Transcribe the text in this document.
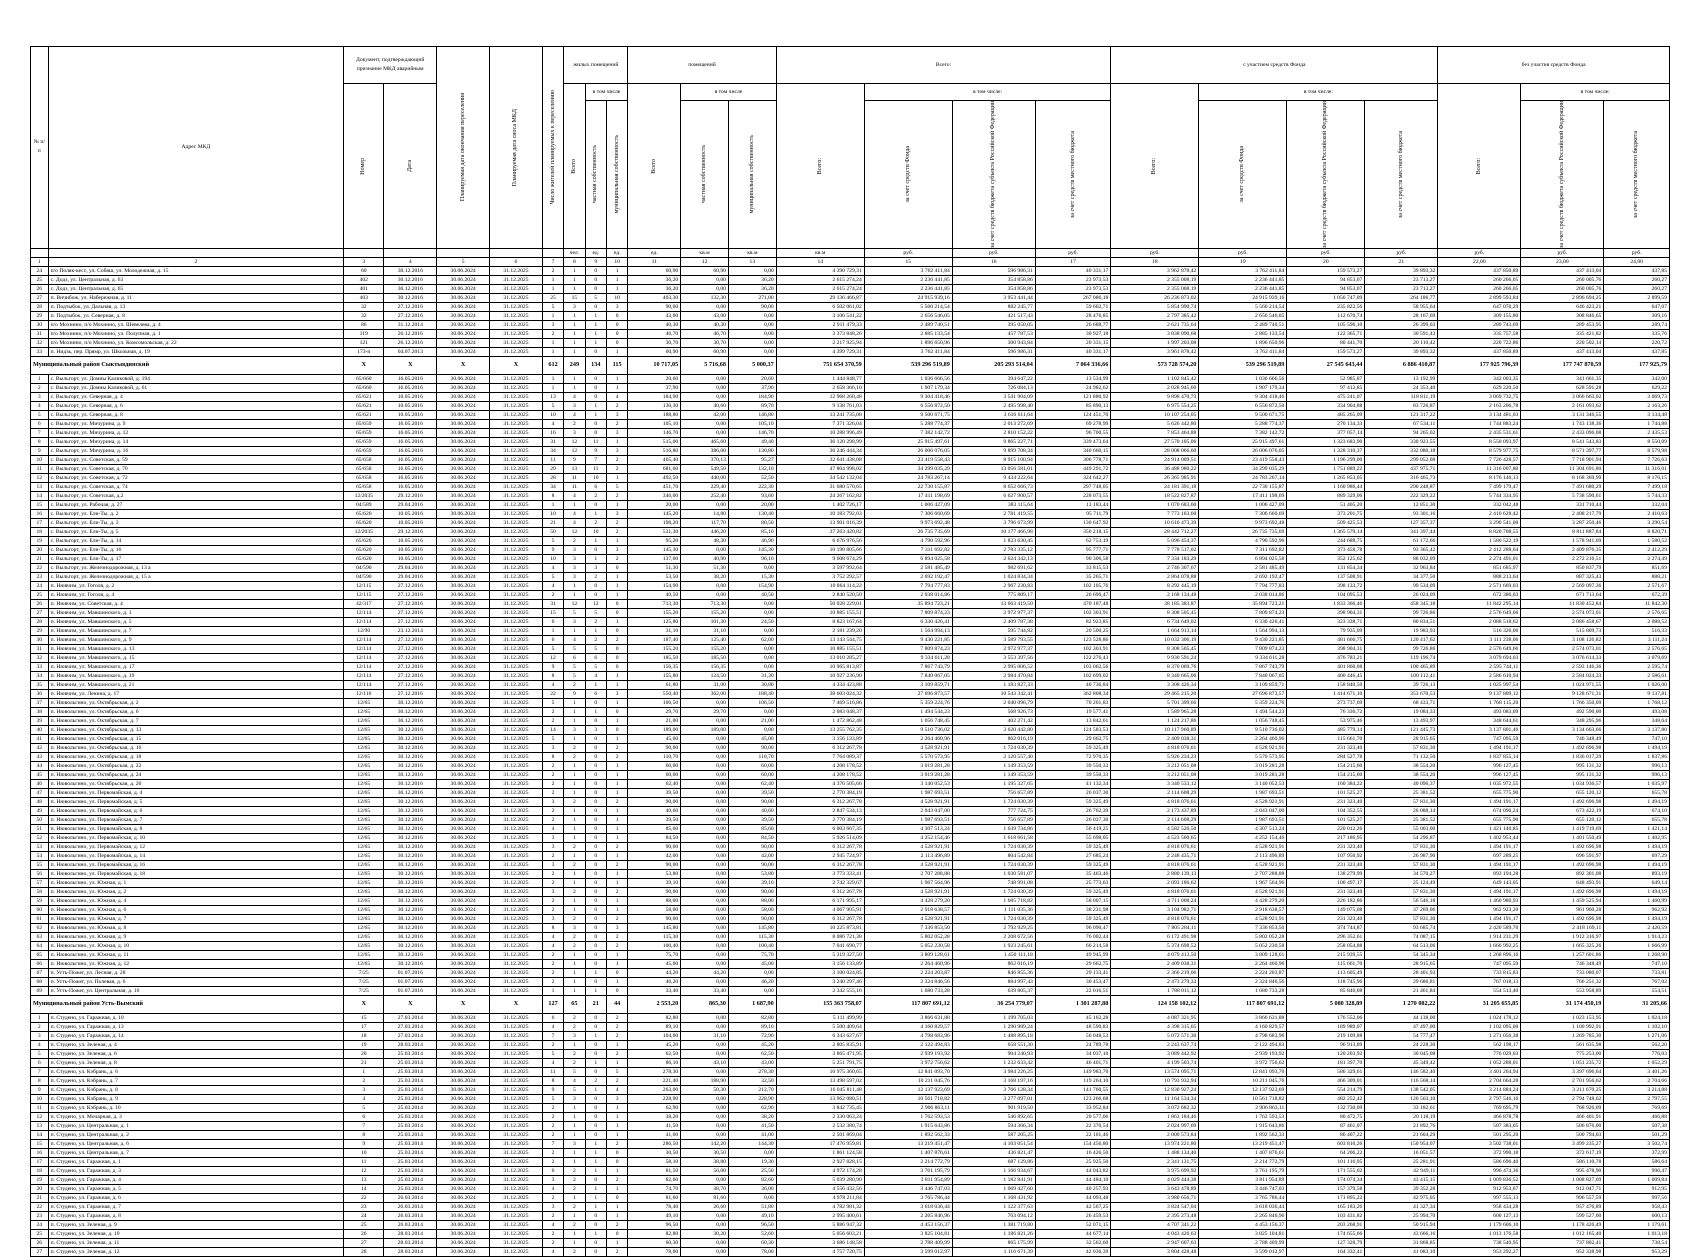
№ п/п	Адрес МКД	Документ, подтверждающий признание МКД аварийным		Планируемая дата окончания переселения	Планируемая дата сноса МКД	Число жителей планируемых к переселению	жилых помещений			помещений			Всего:				с участием средств Фонда				без участия средств Фонда		

		Номер	Дата				Всего	в том числе		Всего	в том числе		Всего:	в том числе:			Всего:	в том числе:			Всего:	в том числе:	

								частная собственность	муниципальная собственность		частная собственность	муниципальная собственность		за счет средств Фонда	за счет средств бюджета субъекта Российской Федерации	за счет средств местного бюджета		за счет средств Фонда	за счет средств бюджета субъекта Российской Федерации	за счет средств местного бюджета		за счет средств бюджета субъекта Российской Федерации	за счет средств местного бюджета

							чел.	ед.	ед.	ед.	кв.м	кв.м	кв.м	руб.	руб.	руб.	руб.	руб.	руб.	руб.	руб.	руб.	руб.
1	2	3	4	5	6	7	8	9	10	11	12	13	14	15	16	17	18	19	20	21	22,00	23,00	24,00
24	п/о Поляк-кесс, ул. Собяш, ул. Молодежная, д. 15	60	30.12.2016	30.06.2024	31.12.2025	2	1	0	1	60,90	60,90	0,00	4 390 729,31	3 762 411,84	596 986,31	40 331,17	3 962 878,42	3 762 411,84	159 573,27	39 893,32	437 850,89	437 413,04	437,85
25	с. Додз, ул. Центральная, д. 63	402	30.12.2016	30.06.2024	31.12.2025	1	1	0	1	36,20	0,00	36,20	2 615 274,24	2 236 441,85	354 858,86	23 973,53	2 355 008,19	2 236 441,85	94 853,07	23 713,27	260 266,05	260 005,76	260,27
26	с. Додз, ул. Центральная, д. 65	401	30.12.2016	30.06.2024	31.12.2025	1	1	0	1	36,20	0,00	36,20	2 615 274,24	2 236 441,85	354 858,86	23 973,53	2 355 008,19	2 236 441,85	94 853,07	23 713,27	260 266,05	260 005,76	260,27
27	п. Вичибож, ул. Набережная, д. 11	403	30.12.2016	30.06.2024	31.12.2025	25	15	5	10	403,30	132,30	271,00	29 136 466,87	24 915 939,16	3 953 441,44	267 086,18	26 236 873,02	24 915 939,16	1 056 747,09	264 186,77	2 899 593,84	2 896 694,25	2 899,59
28	п. Подтыбок, ул. Дальняя, д. 13	32	27.12.2016	30.06.2024	31.12.2025	5	3	0	3	90,00	0,00	90,00	6 502 061,02	5 560 214,54	882 245,77	59 602,71	5 854 990,74	5 560 214,54	235 822,56	58 955,64	647 070,29	646 423,21	647,07
29	п. Подтыбок, ул. Северная, д. 8	32	27.12.2016	30.06.2024	31.12.2025	1	1	1	0	43,00	43,00	0,00	3 106 541,22	2 656 546,05	421 517,43	28 476,85	2 797 385,42	2 656 546,05	112 670,74	28 167,69	309 155,80	308 846,65	309,16
30	п/о Мохнино, п/о Мохнино, ул. Шевелева, д. 4	86	31.12.2014	30.06.2024	31.12.2025	3	1	1	0	40,30	40,30	0,00	2 911 479,33	2 489 740,51	395 050,05	26 688,77	2 621 735,64	2 489 740,51	105 596,10	26 399,03	289 743,69	289 453,95	289,74
31	п/о Мохнино, п/о Мохнино, ул. Полупная, д. 1	119	26.12.2016	30.06.2024	31.12.2025	2	1	1	0	46,70	46,70	0,00	3 373 848,26	2 885 133,54	457 787,53	30 927,18	3 038 090,68	2 885 133,54	122 365,71	30 591,43	335 757,58	335 421,82	335,76
32	п/о Мохнино, п/о Мохнино, ул. Комсомольская, д. 22	121	26.12.2016	30.06.2024	31.12.2025	1	1	1	0	30,70	30,70	0,00	2 217 925,94	1 896 650,96	300 943,84	20 331,15	1 997 203,08	1 896 650,96	80 441,70	20 110,42	220 722,86	220 502,14	220,72
33	п. Нидзь, пер. Прямр, ул. Школьная, д. 19	173-п	04.07.2013	30.06.2024	31.12.2025	1	1	0	1	60,90	60,90	0,00	4 399 729,31	3 762 411,84	596 986,31	40 331,17	3 961 878,42	3 762 411,84	159 573,27	39 893,32	437 850,89	437 413,04	437,85
Муниципальный район Сыктывдинский		X	X	X	X	612	249	134	115	10 717,05	5 716,68	5 000,37	751 654 370,59	539 296 519,89	205 293 514,04	7 064 336,66	573 728 574,20	539 296 519,89	27 545 643,44	6 886 410,87	177 925 796,39	177 747 870,59	177 925,79
1	с. Выльгорт, ул. Домны Каликовой, д. 194	65/660	16.05.2016	30.06.2024	31.12.2025	1	1	0	1	20,60	0,00	20,60	1 444 848,77	1 036 666,56	394 647,22	13 534,99	1 102 845,42	1 036 666,56	52 985,87	13 192,99	342 003,35	341 661,35	342,00
2	с. Выльгорт, ул. Домны Каликовой, д. 61	65/660	16.05.2016	30.06.2024	31.12.2025	1	1	0	1	37,90	0,00	37,90	2 658 366,10	1 907 179,34	726 084,13	24 982,62	2 028 945,60	1 907 179,34	97 412,85	24 353,40	629 220,50	628 591,28	629,22
3	с. Выльгорт, ул. Северная, д. 4	65/621	10.05.2016	30.06.2024	31.12.2025	13	4	0	4	184,90	0,00	184,90	12 968 260,48	9 304 418,46	3 541 904,09	121 880,92	9 898 470,73	9 304 418,46	475 241,07	118 811,19	3 069 732,75	3 066 663,02	3 069,73
4	с. Выльгорт, ул. Северная, д. 6	65/621	10.05.2016	30.06.2024	31.12.2025	5	3	1	2	130,30	40,60	89,70	9 138 761,03	6 556 872,50	2 495 998,40	85 890,13	6 975 554,25	6 556 872,50	334 904,88	83 726,87	2 163 206,78	2 161 093,62	2 163,26
5	с. Выльгорт, ул. Северная, д. 8	65/621	10.05.2016	30.06.2024	31.12.2025	10	4	1	3	188,80	42,00	146,80	13 241 735,08	9 500 671,75	3 616 611,64	124 451,70	10 107 254,05	9 500 671,75	485 265,09	121 317,22	3 134 481,03	3 131 346,55	3 134,48
6	с. Выльгорт, ул. Мичурина, д. 9	65/659	16.05.2016	30.06.2024	31.12.2025	4	2	0	2	105,10	0,00	105,10	7 371 326,04	5 288 774,37	2 013 272,69	69 278,99	5 626 442,80	5 288 774,37	270 134,33	67 534,11	1 744 883,24	1 743 138,36	1 744,88
7	с. Выльгорт, ул. Мичурина, д. 12	65/659	16.05.2016	30.06.2024	31.12.2025	16	3	0	3	146,70	0,00	146,70	10 288 996,49	7 382 142,72	2 810 152,22	96 700,55	7 853 464,88	7 382 142,72	377 057,14	94 265,02	2 435 531,61	2 433 096,08	2 435,53
8	с. Выльгорт, ул. Мичурина, д. 14	65/659	16.05.2016	30.06.2024	31.12.2025	31	12	11	1	515,00	465,60	49,40	36 120 298,99	25 915 497,61	9 865 227,71	339 473,64	27 570 105,06	25 915 497,61	1 323 683,90	330 923,55	8 550 093,97	8 541 543,83	8 550,09
9	с. Выльгорт, ул. Мичурина, д. 16	65/659	16.05.2016	30.06.2024	31.12.2025	34	12	9	3	516,80	386,00	130,80	36 246 444,34	26 006 076,05	9 899 708,34	340 660,15	28 008 066,60	26 006 076,05	1 328 310,37	332 080,18	8 579 977,75	8 571 397,77	8 579,98
10	с. Выльгорт, ул. Советская, д. 59	65/658	16.05.2016	30.06.2024	31.12.2025	11	9	7	2	465,40	370,13	95,27	32 641 438,08	23 419 558,43	8 915 100,94	306 778,71	24 914 009,51	23 419 558,43	1 196 299,00	299 052,08	7 726 428,57	7 718 901,94	7 726,63
11	с. Выльгорт, ул. Советская, д. 70	65/658	16.05.2016	30.06.2024	31.12.2025	29	13	11	2	681,60	549,50	132,10	47 804 998,02	34 299 035,29	13 056 581,01	449 291,72	36 488 980,22	34 299 035,29	1 751 889,22	437 975,71	11 316 007,80	11 304 691,80	11 316,01
12	с. Выльгорт, ул. Советская, д. 72	65/658	16.05.2016	30.06.2024	31.12.2025	28	11	10	1	492,50	440,00	52,50	34 542 132,04	24 783 267,14	9 434 222,64	324 642,27	26 365 985,91	24 783 267,14	1 265 853,05	316 465,73	8 176 146,13	8 168 369,99	8 176,15
13	с. Выльгорт, ул. Советская, д. 74	65/658	16.05.2016	30.06.2024	31.12.2025	34	11	6	5	451,70	229,40	222,30	31 680 570,65	22 730 155,87	8 652 666,73	297 748,05	24 181 391,18	22 730 155,87	1 160 986,44	290 248,87	7 499 179,47	7 491 680,29	7 499,18
14	с. Выльгорт, ул. Советская, д.2	12/2035	29.12.2016	30.06.2024	31.12.2025	8	4	2	2	346,00	252,40	93,60	24 267 162,82	17 411 198,69	6 627 900,57	228 073,55	18 522 827,87	17 411 198,69	889 329,06	222 329,22	5 744 334,95	5 738 590,61	5 744,33
15	с. Выльгорт, ул. Рабочая, д. 27	04/589	29.04.2016	30.06.2024	31.12.2025	1	1	0	1	20,00	0,00	20,00	1 402 726,17	1 006 427,09	383 115,64	13 183,44	1 070 683,60	1 006 427,09	51 405,20	12 851,30	332 042,48	331 710,44	332,04
16	с. Выльгорт, ул. Ели-Ты, д. 2	65/620	10.05.2016	30.06.2024	31.12.2025	10	4	1	3	145,20	14,80	130,40	10 183 792,03	7 306 660,69	2 781 419,55	95 711,79	7 773 163,60	7 306 660,69	373 201,75	93 301,16	2 410 628,42	2 408 217,79	2 410,63
17	с. Выльгорт, ул. Ели-Ты, д. 3	65/620	10.05.2016	30.06.2024	31.12.2025	21	4	2	2	198,20	117,70	80,50	13 901 016,39	9 973 692,48	3 796 673,99	130 647,92	10 610 473,39	9 973 692,48	509 425,53	127 357,37	3 290 541,00	3 287 250,46	3 290,54
18	с. Выльгорт, ул. Ели-Ты, д. 5	12/2035	29.12.2016	30.06.2024	31.12.2025	50	12	10	2	531,30	446,20	85,10	37 263 420,82	26 735 735,69	10 177 466,98	350 218,15	28 442 712,27	26 735 735,69	1 365 579,14	341 397,44	8 820 708,55	8 811 887,84	8 820,71
19	с. Выльгорт, ул. Ели-Ты, д. 14	65/620	10.05.2016	30.06.2024	31.12.2025	5	2	1	1	95,20	48,30	46,90	6 676 976,56	4 790 592,96	1 823 630,45	62 753,19	5 096 454,37	4 790 592,96	244 688,75	61 172,66	1 580 522,19	1 578 941,69	1 580,52
20	с. Выльгорт, ул. Ели-Ты, д. 16	65/620	10.05.2016	30.06.2024	31.12.2025	9	3	0	3	145,30	0,00	145,30	10 190 805,66	7 311 692,82	2 783 335,12	95 777,71	7 778 517,02	7 311 692,82	373 458,78	93 365,42	2 412 288,64	2 409 876,35	2 412,29
21	с. Выльгорт, ул. Ели-Ты, д. 17	65/620	10.05.2016	30.06.2024	31.12.2025	10	3	1	2	137,00	40,90	96,10	9 608 674,29	6 894 025,58	2 624 342,13	90 306,58	7 334 183,29	6 894 025,58	352 125,62	88 032,09	2 274 491,01	2 272 216,51	2 274,49
22	с. Выльгорт, ул. Железнодорожная, д. 13 а	04/590	29.04.2016	30.06.2024	31.12.2025	4	3	3	0	51,30	51,30	0,00	3 597 992,64	2 581 485,49	982 691,62	33 815,53	2 746 307,67	2 581 485,49	131 854,34	32 963,84	851 685,97	850 837,79	851,69
23	с. Выльгорт, ул. Железнодорожная, д. 15 а	04/590	29.04.2016	30.06.2024	31.12.2025	5	3	2	1	53,50	38,20	15,30	3 752 292,57	2 692 192,47	1 024 834,34	35 265,71	2 864 078,88	2 692 192,47	137 508,91	34 377,50	888 213,64	887 325,43	888,21
24	п. Нювчим, ул. Гоголя, д. 2	12/115	27.12.2016	30.06.2024	31.12.2025	4	1	0	1	154,90	0,00	154,90	10 864 114,22	7 794 777,83	2 967 230,83	102 105,76	8 292 445,19	7 794 777,83	398 133,72	99 534,09	2 571 669,03	2 569 097,36	2 571,67
25	п. Нювчим, ул. Гоголя, д. 4	12/115	27.12.2016	30.06.2024	31.12.2025	2	1	0	1	40,50	0,00	40,50	2 840 520,50	2 038 014,86	775 809,17	26 696,47	2 168 134,48	2 038 014,86	104 095,53	26 024,09	672 386,03	671 713,64	672,39
26	п. Нювчим, ул. Советская, д. 4	42/317	27.12.2016	30.06.2024	31.12.2025	31	12	12	0	713,30	713,30	0,00	50 028 229,01	35 894 723,21	13 663 419,50	470 187,48	38 185 383,87	35 894 723,21	1 833 366,46	458 345,18	11 842 295,14	11 830 452,84	11 842,30
27	п. Нювчим, ул. Мавшинского, д. 1	12/114	27.12.2016	30.06.2024	31.12.2025	15	5	5	0	155,20	155,20	0,00	10 885 155,51	7 809 874,23	2 972 977,37	102 303,91	8 308 505,45	7 809 874,23	398 904,31	99 726,86	2 576 649,66	2 574 073,01	2 576,65
28	п. Нювчим, ул. Мавшинского, д. 5	12/114	27.12.2016	30.06.2024	31.12.2025	6	3	2	1	125,80	101,30	24,50	8 823 167,64	6 330 426,41	2 409 787,38	82 923,85	6 734 649,02	6 330 426,41	323 338,71	80 834,51	2 088 518,62	2 086 458,67	2 088,52
29	п. Нювчим, ул. Мавшинского, д. 7	12/90	23.12.2014	30.06.2024	31.12.2025	1	1	1	0	31,10	31,10	0,00	2 181 239,20	1 564 994,13	595 744,82	20 500,25	1 664 913,14	1 564 994,13	79 935,09	19 983,93	516 326,06	515 809,73	516,33
30	п. Нювчим, ул. Мавшинского, д. 9	12/114	27.12.2016	30.06.2024	31.12.2025	6	4	2	2	187,40	125,40	62,00	13 143 544,75	9 430 221,85	3 589 793,55	123 528,86	10 032 306,19	9 430 221,85	481 666,75	120 417,62	3 111 238,06	3 108 126,82	3 111,24
31	п. Нювчим, ул. Мавшинского, д. 13	12/114	27.12.2016	30.06.2024	31.12.2025	5	5	5	0	155,20	155,20	0,00	10 885 155,51	7 809 874,23	2 972 977,37	102 303,91	8 308 505,45	7 809 874,23	398 904,31	99 726,86	2 576 649,66	2 574 073,01	2 576,65
32	п. Нювчим, ул. Мавшинского, д. 15	12/114	27.12.2016	30.06.2024	31.12.2025	12	6	6	0	185,50	185,50	0,00	13 010 285,27	9 334 611,28	3 553 397,56	122 276,43	9 930 591,24	9 334 611,28	476 783,21	119 196,74	3 079 694,03	3 076 614,33	3 079,69
33	п. Нювчим, ул. Мавшинского, д. 17	12/114	27.12.2016	30.06.2024	31.12.2025	9	5	5	0	156,35	156,35	0,00	10 965 813,87	7 867 743,79	2 995 006,52	103 062,56	8 370 069,76	7 867 743,79	401 860,08	100 465,89	2 595 744,11	2 593 146,36	2 595,74
34	п. Нювчим, ул. Мавшинского, д. 19	12/114	27.12.2016	30.06.2024	31.12.2025	8	5	4	1	155,80	124,50	31,30	10 927 236,90	7 840 067,05	2 984 470,84	102 699,02	8 340 665,06	7 840 067,05	400 446,45	100 112,41	2 586 610,94	2 584 024,33	2 586,61
35	п. Нювчим, ул. Мавшинского, д. 21	12/114	27.12.2016	30.06.2024	31.12.2025	4	2	1	1	61,80	31,00	30,80	4 334 423,88	3 109 859,71	1 183 827,33	40 736,84	3 308 426,34	3 109 859,71	158 840,50	39 726,13	1 025 997,54	1 024 971,55	1 026,00
36	п. Нювчим, ул. Ленина, д. 17	12/116	27.12.2016	30.06.2024	31.12.2025	22	9	6	3	550,40	362,00	188,40	38 603 024,32	27 696 873,57	10 543 342,41	362 808,34	29 465 215,20	27 696 873,57	1 414 671,10	353 670,53	9 137 809,12	9 128 671,31	9 137,81
37	п. Нювольгино, ул. Октябрьская, д. 2	12/65	30.12.2016	30.06.2024	31.12.2025	5	1	0	1	106,50	0,00	106,50	7 469 516,86	5 359 224,76	2 040 096,79	70 201,83	5 701 399,66	5 359 224,76	273 737,69	68 433,71	1 768 115,20	1 766 350,09	1 768,12
38	п. Нювольгино, ул. Октябрьская, д. 6	12/65	30.12.2016	30.06.2024	31.12.2025	2	1	1	0	29,70	29,70	0,00	2 083 048,37	1 494 544,23	568 926,73	19 577,41	1 589 965,28	1 494 544,23	76 336,72	19 084,33	493 083,09	492 590,00	493,08
39	п. Нювольгино, ул. Октябрьская, д. 7	12/65	30.12.2016	30.06.2024	31.12.2025	2	1	0	1	21,00	0,00	21,00	1 472 862,48	1 056 748,45	402 271,42	13 842,61	1 124 217,86	1 056 748,45	53 975,46	13 493,97	348 644,61	348 295,96	348,64
40	п. Нювольгино, ул. Октябрьская, д. 13	12/65	30.12.2016	30.06.2024	31.12.2025	14	3	3	0	189,00	189,00	0,00	13 255 762,35	9 510 736,02	3 620 442,80	124 583,53	10 117 960,89	9 510 736,02	485 779,14	121 445,73	3 137 801,46	3 134 663,66	3 137,80
41	п. Нювольгино, ул. Октябрьская, д. 15	12/65	30.12.2016	30.06.2024	31.12.2025	5	1	0	1	45,00	0,00	45,00	3 156 133,89	2 264 460,96	862 016,19	29 662,75	2 409 038,31	2 264 460,96	115 661,70	28 915,65	747 095,59	746 348,49	747,10
42	п. Нювольгино, ул. Октябрьская, д. 16	12/65	30.12.2016	30.06.2024	31.12.2025	3	2	0	2	90,00	0,00	90,00	6 312 267,78	4 528 921,91	1 724 030,39	59 325,49	4 818 076,61	4 528 921,91	231 323,40	57 831,30	1 494 191,17	1 492 696,98	1 494,19
43	п. Нювольгино, ул. Октябрьская, д. 18	12/65	30.12.2016	30.06.2024	31.12.2025	8	2	0	2	110,70	0,00	110,70	7 764 089,37	5 570 573,95	2 120 557,40	72 970,35	5 926 234,23	5 570 573,95	284 527,78	71 132,50	1 837 855,14	1 836 017,29	1 837,86
44	п. Нювольгино, ул. Октябрьская, д. 22	12/65	30.12.2016	30.06.2024	31.12.2025	2	1	0	1	60,00	0,00	60,00	4 208 178,52	3 019 281,28	1 149 353,59	39 550,33	3 212 051,08	3 019 281,28	154 215,60	38 554,20	996 127,45	995 131,32	996,13
45	п. Нювольгино, ул. Октябрьская, д. 24	12/65	30.12.2016	30.06.2024	31.12.2025	2	1	0	1	60,00	0,00	60,00	4 208 178,52	3 019 281,28	1 149 353,59	39 550,33	3 212 051,08	3 019 281,28	154 215,60	38 554,20	996 127,45	995 131,32	996,13
46	п. Нювольгино, ул. Октябрьская, д. 26	12/65	30.12.2016	30.06.2024	31.12.2025	2	1	0	1	62,40	0,00	62,40	4 376 505,66	3 140 052,53	1 195 327,65	41 132,34	3 340 533,12	3 140 052,53	160 384,22	40 096,37	1 035 972,55	1 034 936,57	1 035,97
47	п. Нювольгино, ул. Первомайская, д. 4	12/65	30.12.2016	30.06.2024	31.12.2025	2	1	0	1	39,50	0,00	39,50	2 770 384,19	1 987 693,51	756 657,89	26 037,30	2 114 608,29	1 987 693,51	101 525,27	25 381,52	655 775,90	655 120,12	655,78
48	п. Нювольгино, ул. Первомайская, д. 5	12/65	30.12.2016	30.06.2024	31.12.2025	3	2	0	2	90,00	0,00	90,00	6 312 267,78	4 528 921,91	1 724 030,39	59 325,49	4 818 076,61	4 528 921,91	231 323,40	57 831,30	1 494 191,17	1 492 696,98	1 494,19
49	п. Нювольгино, ул. Первомайская, д. 6	12/65	30.12.2016	30.06.2024	31.12.2025	2	1	0	1	40,60	0,00	40,60	2 847 534,13	2 043 047,00	777 724,75	26 762,39	2 173 437,89	2 043 047,00	104 352,55	26 088,14	674 096,24	673 422,19	674,10
50	п. Нювольгино, ул. Первомайская, д. 7	12/65	30.12.2016	30.06.2024	31.12.2025	2	1	0	1	39,50	0,00	39,50	2 770 384,19	1 987 693,51	756 657,89	26 037,30	2 114 608,29	1 987 693,51	101 525,27	25 381,52	655 775,90	655 120,12	655,78
51	п. Нювольгино, ул. Первомайская, д. 8	12/65	30.12.2016	30.06.2024	31.12.2025	4	1	0	1	85,60	0,00	85,60	6 003 667,35	4 307 513,24	1 639 734,86	56 419,25	4 582 526,50	4 307 513,24	220 012,26	55 003,00	1 421 140,85	1 419 719,69	1 421,14
52	п. Нювольгино, ул. Первомайская, д. 10	12/65	30.12.2016	30.06.2024	31.12.2025	3	1	0	1	84,50	0,00	84,50	5 926 514,09	4 252 154,46	1 618 661,58	55 698,05	4 523 560,65	4 252 154,46	217 186,95	54 296,87	1 402 953,44	1 401 550,49	1 402,95
53	п. Нювольгино, ул. Первомайская, д. 12	12/65	30.12.2016	30.06.2024	31.12.2025	3	2	0	2	90,00	0,00	90,00	6 312 267,78	4 528 921,91	1 724 030,39	59 325,49	4 818 076,61	4 528 921,91	231 323,40	57 831,30	1 494 191,17	1 492 696,98	1 494,19
54	п. Нювольгино, ул. Первомайская, д. 14	12/65	30.12.2016	30.06.2024	31.12.2025	2	1	0	1	42,00	0,00	42,00	2 945 724,97	2 113 496,89	804 542,84	27 685,24	2 248 435,71	2 113 496,89	107 950,92	26 987,90	697 289,25	696 591,97	697,29
55	п. Нювольгино, ул. Первомайская, д. 16	12/65	30.12.2016	30.06.2024	31.12.2025	3	2	0	2	90,00	0,00	90,00	6 312 267,78	4 528 921,91	1 724 030,39	59 325,49	4 818 076,61	4 528 921,91	231 323,40	57 831,30	1 494 191,17	1 492 696,98	1 494,19
56	п. Нювольгино, ул. Первомайская, д. 18	12/65	30.12.2016	30.06.2024	31.12.2025	2	1	0	1	53,80	0,00	53,80	3 773 333,41	2 707 288,88	1 030 581,07	35 463,46	2 880 139,13	2 707 288,88	138 279,99	34 570,27	893 194,28	892 301,08	893,19
57	п. Нювольгино, ул. Южная, д. 1	12/65	30.12.2016	30.06.2024	31.12.2025	2	1	0	1	39,10	0,00	39,10	2 742 329,67	1 967 564,96	748 991,08	25 773,63	2 093 186,62	1 967 564,96	100 497,17	25 124,49	649 143,05	648 493,91	649,14
58	п. Нювольгино, ул. Южная, д. 2	12/65	30.12.2016	30.06.2024	31.12.2025	3	2	0	2	90,00	0,00	90,00	6 312 267,78	4 528 921,91	1 724 030,39	59 325,49	4 818 076,61	4 528 921,91	231 323,40	57 831,30	1 494 191,17	1 492 696,98	1 494,19
59	п. Нювольгино, ул. Южная, д. 4	12/65	30.12.2016	30.06.2024	31.12.2025	2	1	0	1	88,00	0,00	88,00	6 171 995,17	4 428 279,20	1 685 718,82	58 007,15	4 711 008,24	4 428 279,20	226 182,86	56 546,18	1 460 986,93	1 459 525,94	1 460,99
60	п. Нювольгино, ул. Южная, д. 6	12/65	30.12.2016	30.06.2024	31.12.2025	2	1	0	1	58,00	0,00	58,00	4 067 905,91	2 918 638,57	1 111 035,36	38 231,98	3 104 982,71	2 918 638,57	149 075,08	37 269,06	962 923,20	961 960,28	962,92
61	п. Нювольгино, ул. Южная, д. 7	12/65	30.12.2016	30.06.2024	31.12.2025	3	2	0	2	90,00	0,00	90,00	6 312 267,78	4 528 921,91	1 724 030,39	59 325,49	4 818 076,61	4 528 921,91	231 323,40	57 831,30	1 494 191,17	1 492 696,98	1 494,19
62	п. Нювольгино, ул. Южная, д. 8	12/65	30.12.2016	30.06.2024	31.12.2025	8	3	0	3	145,80	0,00	145,80	10 225 873,81	7 336 853,50	2 792 929,25	96 090,47	7 805 284,11	7 336 853,50	374 744,87	93 685,74	2 420 589,70	2 418 169,11	2 420,59
63	п. Нювольгино, ул. Южная, д. 9	12/65	30.12.2016	30.06.2024	31.12.2025	4	2	0	2	115,30	0,00	115,30	8 086 721,38	5 802 052,28	2 208 672,56	76 002,44	6 172 491,98	5 802 052,28	296 352,61	74 087,15	1 914 231,29	1 912 316,97	1 914,23
64	п. Нювольгино, ул. Южная, д. 10	12/65	30.12.2016	30.06.2024	31.12.2025	4	2	0	2	100,40	0,00	100,40	7 041 690,77	5 052 230,58	1 923 245,61	66 214,58	5 374 698,52	5 052 230,58	258 054,88	64 513,06	1 666 992,25	1 665 325,26	1 666,99
65	п. Нювольгино, ул. Южная, д. 11	12/65	30.12.2016	30.06.2024	31.12.2025	2	1	0	1	75,70	0,00	75,70	5 319 327,50	3 809 128,61	1 450 111,18	49 945,99	4 079 413,50	3 809 128,61	215 939,55	54 345,34	1 268 896,16	1 257 601,86	1 268,90
66	п. Нювольгино, ул. Южная, д. 12	12/65	30.12.2016	30.06.2024	31.12.2025	2	1	0	1	45,00	0,00	45,00	3 156 133,89	2 264 460,96	862 016,19	29 662,75	2 409 038,31	2 264 460,96	115 661,70	28 915,65	747 095,59	746 348,49	747,10
67	п. Усть-Пожег, ул. Лесная, д. 28	7/25	01.07.2016	30.06.2024	31.12.2025	2	1	1	0	44,20	44,20	0,00	3 100 024,85	2 224 203,87	846 855,36	29 133,41	2 366 219,06	2 224 203,87	113 605,49	28 401,93	733 815,83	733 080,07	733,81
68	п. Усть-Пожег, ул. Полевая, д. 6	7/25	01.07.2016	30.06.2024	31.12.2025	2	1	0	1	46,20	0,00	46,20	3 240 297,46	2 324 846,56	884 997,43	30 453,47	2 473 279,33	2 324 846,56	118 745,96	29 686,81	767 018,13	766 251,32	767,02
69	п. Усть-Пожег, ул. Центральная, д. 16	7/25	01.07.2016	30.06.2024	31.12.2025	1	1	1	0	33,40	33,40	0,00	2 342 555,16	1 680 733,28	639 805,37	22 016,51	1 788 011,12	1 680 733,28	85 846,08	21 461,84	554 513,40	553 958,89	554,51
Муниципальный район Усть-Вымский		X	X	X	X	127	65	21	44	2 553,20	865,30	1 687,90	155 363 758,07	117 807 691,12	36 254 779,07	1 301 287,88	124 158 102,12	117 807 691,12	5 080 328,89	1 270 082,22	31 205 655,85	31 174 450,19	31 205,66
1	п. Студено, ул. Гаражная, д. 10	15	27.03.2014	30.06.2024	31.12.2025	6	2	0	2	82,80	0,00	82,80	5 111 499,99	3 866 631,88	1 199 705,03	45 162,28	4 087 321,95	3 866 631,88	176 552,06	44 138,00	1 024 178,12	1 023 153,95	1 024,18
2	п. Студено, ул. Гаражная, д. 13	17	27.03.2014	30.06.2024	31.12.2025	4	2	0	2	89,10	0,00	89,10	5 500 409,64	4 160 829,57	1 290 989,24	48 590,83	4 398 315,65	4 160 829,57	189 989,07	47 497,00	1 102 095,00	1 100 992,91	1 102,10
3	п. Студено, ул. Гаражная, д. 14	18	27.03.2014	30.06.2024	31.12.2025	7	3	1	2	104,00	31,10	72,90	6 343 627,67	4 798 683,96	1 488 895,18	56 048,53	5 072 571,30	4 798 683,96	219 109,88	54 777,47	1 271 056,38	1 269 785,30	1 271,06
4	п. Студено, ул. Зеленая, д. 4	19	28.03.2014	30.06.2024	31.12.2025	2	1	0	1	45,20	0,00	45,20	2 805 835,91	2 122 494,83	658 551,30	24 789,78	2 243 637,74	2 122 494,83	96 913,89	24 228,30	562 198,17	561 635,98	562,20
5	п. Студено, ул. Зеленая, д. 6	20	25.03.2014	30.06.2024	31.12.2025	5	2	0	2	62,50	0,00	62,50	3 865 471,95	2 939 193,92	904 240,93	34 037,10	3 089 442,92	2 939 193,92	120 203,92	30 045,08	776 029,03	775 253,00	776,03
6	п. Студено, ул. Зеленая, д. 8	21	25.03.2014	30.06.2024	31.12.2025	4	2	1	1	86,10	43,10	43,00	5 251 791,75	3 972 756,62	1 232 633,42	46 401,71	4 199 503,74	3 972 756,62	181 397,70	45 349,42	1 052 288,01	1 051 235,72	1 052,29
7	п. Студено, ул. Кэбрань, д. 6	1	25.03.2014	30.06.2024	31.12.2025	11	5	0	5	278,30	0,00	278,30	16 975 360,65	12 841 093,70	3 984 226,25	149 983,70	13 574 095,71	12 841 093,70	586 329,61	146 582,40	3 401 264,94	3 397 696,64	3 401,26
8	п. Студено, ул. Кэбрань, д. 7	2	25.03.2014	30.06.2024	31.12.2025	8	4	2	2	221,40	188,90	32,50	13 498 597,02	10 211 045,76	3 168 197,16	119 264,10	10 793 932,94	10 211 045,76	466 309,01	116 568,14	2 704 664,28	2 701 956,62	2 704,66
9	п. Студено, ул. Кэбрань, д. 8	3	25.03.2014	30.06.2024	31.12.2025	9	5	1	4	263,00	50,30	212,70	16 045 811,48	12 137 923,69	3 766 128,34	141 760,55	12 830 927,24	12 137 923,69	554 214,79	138 542,05	3 214 884,24	3 211 670,25	3 214,88
10	п. Студено, ул. Кэбрань, д. 9	4	25.03.2014	30.06.2024	31.12.2025	5	3	0	3	228,90	0,00	228,90	13 962 080,51	10 561 718,82	3 277 097,01	123 266,68	11 164 534,34	10 561 718,82	482 252,42	120 563,10	2 797 546,16	2 794 748,62	2 797,55
11	п. Студено, ул. Кэбрань, д. 10	5	25.03.2014	30.06.2024	31.12.2025	2	1	0	1	62,90	0,00	62,90	3 842 735,45	2 906 863,11	901 919,50	33 952,84	3 072 682,32	2 906 863,11	132 730,09	33 182,61	769 695,79	768 926,09	769,69
12	п. Студено, ул. Мочарная, д. 3	6	25.03.2014	30.06.2024	31.12.2025	2	1	0	1	38,20	0,00	38,20	2 330 063,24	1 762 593,53	546 892,65	20 577,06	1 863 184,46	1 762 593,53	80 472,75	20 118,19	466 878,78	466 401,91	466,88
13	п. Студено, ул. Центральная, д. 1	7	25.03.2014	30.06.2024	31.12.2025	2	1	0	1	41,50	0,00	41,50	2 532 380,74	1 915 643,86	594 366,34	22 370,54	2 024 997,69	1 915 643,86	87 461,07	21 892,76	507 383,05	506 876,00	507,38
14	п. Студено, ул. Центральная, д. 2	8	25.03.2014	30.06.2024	31.12.2025	2	1	0	1	41,00	0,00	41,00	2 501 869,04	1 892 562,33	587 205,25	22 101,46	2 000 573,84	1 892 562,33	86 407,22	21 604,29	501 295,20	500 794,03	501,29
15	п. Студено, ул. Центральная, д. 6	9	25.03.2014	30.06.2024	31.12.2025	7	3	1	2	286,50	142,20	144,30	17 476 959,81	13 219 451,47	4 103 051,54	154 456,80	13 974 221,80	13 219 451,47	603 816,26	150 954,07	3 502 738,01	3 499 235,27	3 502,74
16	п. Студено, ул. Центральная, д. 7	10	25.03.2014	30.06.2024	31.12.2025	2	1	1	0	30,50	30,50	0,00	1 861 124,58	1 407 876,61	436 821,47	16 426,50	1 488 134,40	1 407 876,61	64 206,22	16 051,57	372 990,18	372 617,19	372,99
17	п. Студено, ул. Гаражная, д. 1	11	25.03.2014	30.06.2024	31.12.2025	2	1	1	0	58,10	38,80	19,30	2 927 828,15	2 214 772,79	687 129,86	25 925,50	2 341 131,75	2 214 772,79	101 116,95	25 281,91	586 696,40	586 110,78	586,64
18	п. Студено, ул. Гаражная, д. 3	12	25.03.2014	30.06.2024	31.12.2025	6	2	1	1	81,50	56,00	25,50	4 972 174,28	3 761 195,79	1 166 934,67	44 043,82	3 975 699,92	3 761 195,79	171 555,02	42 949,11	996 474,36	995 478,90	996,47
19	п. Студено, ул. Гаражная, д. 4	13	25.03.2014	30.06.2024	31.12.2025	3	2	0	2	82,60	0,00	82,60	5 039 280,90	3 811 954,89	1 182 841,91	44 484,10	4 029 444,38	3 811 954,89	174 074,34	43 415,15	1 009 836,52	1 008 827,69	1 009,84
20	п. Студено, ул. Гаражная, д. 5	14	25.03.2014	30.06.2024	31.12.2025	4	2	1	1	74,70	38,70	36,00	4 556 432,56	3 446 747,03	1 069 427,60	40 257,93	3 643 478,89	3 446 747,03	157 379,58	39 352,28	912 953,67	912 047,71	912,95
21	п. Студено, ул. Гаражная, д. 6	22	26.03.2014	30.06.2024	31.12.2025	2	1	1	0	81,60	81,60	0,00	4 978 211,84	3 765 786,44	1 168 431,92	44 093,48	3 980 656,71	3 765 786,44	171 895,22	42 975,05	997 555,13	996 557,59	997,56
22	п. Студено, ул. Гаражная, д. 7	23	26.03.2014	30.06.2024	31.12.2025	3	2	1	1	78,40	26,60	51,80	4 782 981,32	3 618 036,44	1 122 377,63	42 567,25	3 824 547,04	3 618 036,44	165 183,26	41 327,34	958 434,28	957 476,89	958,43
23	п. Студено, ул. Гаражная, д. 8	24	26.03.2014	30.06.2024	31.12.2025	2	1	0	1	49,10	0,00	49,10	2 995 400,61	2 265 846,96	703 094,12	26 459,53	2 395 273,48	2 265 846,96	103 431,82	25 994,70	600 127,13	599 527,00	600,13
24	п. Студено, ул. Зеленая, д. 9	25	26.03.2014	30.06.2024	31.12.2025	4	2	0	2	96,50	0,00	96,50	5 886 947,32	4 453 156,37	1 381 719,80	52 071,15	4 707 341,22	4 453 156,37	203 268,91	50 915,94	1 179 606,10	1 178 426,49	1 179,61
25	п. Студено, ул. Зеленая, д. 10	26	28.03.2014	30.06.2024	31.12.2025	2	1	1	0	82,80	30,20	52,60	5 056 603,21	3 825 104,81	1 186 821,26	44 677,14	4 043 426,63	3 825 104,81	174 655,66	43 666,16	1 013 176,58	1 012 165,40	1 013,18
26	п. Студено, ул. Зеленая, д. 11	27	28.03.2014	30.06.2024	31.12.2025	2	1	0	1	60,30	0,00	60,30	3 686 148,58	2 788 409,99	865 175,99	32 562,60	2 947 607,63	2 788 409,99	127 328,79	31 868,85	738 540,95	737 802,41	738,54
27	п. Студено, ул. Зеленая, д. 12	28	28.03.2014	30.06.2024	31.12.2025	4	2	0	2	78,00	0,00	78,00	4 757 720,75	3 599 012,97	1 116 671,39	42 036,39	3 804 428,48	3 599 012,97	164 332,41	41 083,10	953 292,27	952 338,98	953,29
